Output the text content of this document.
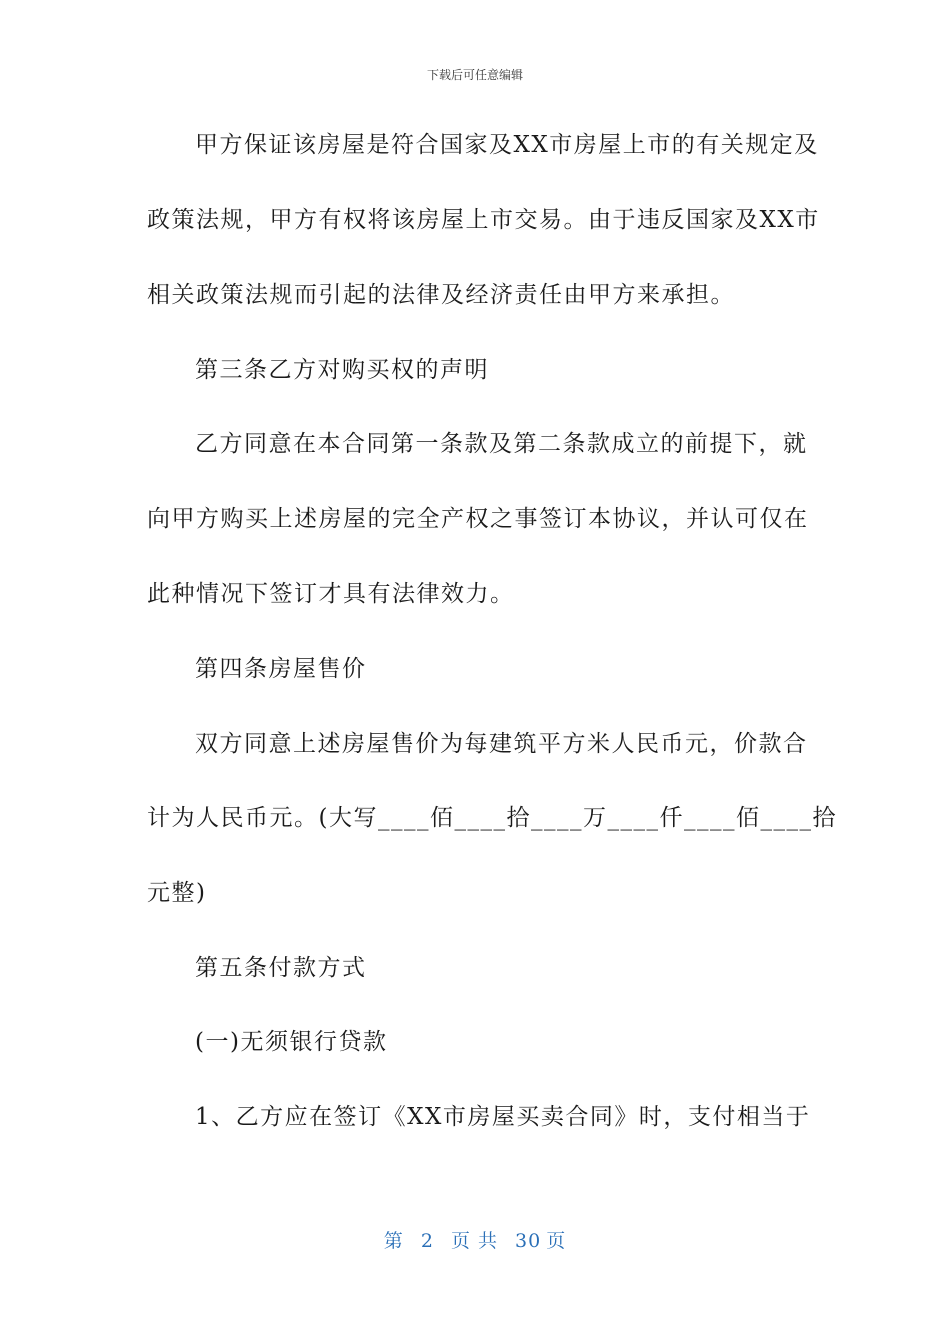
下载后可任意编辑
甲方保证该房屋是符合国家及XX市房屋上市的有关规定及
政策法规，甲方有权将该房屋上市交易。由于违反国家及XX市
相关政策法规而引起的法律及经济责任由甲方来承担。
第三条乙方对购买权的声明
乙方同意在本合同第一条款及第二条款成立的前提下，就
向甲方购买上述房屋的完全产权之事签订本协议，并认可仅在
此种情况下签订才具有法律效力。
第四条房屋售价
双方同意上述房屋售价为每建筑平方米人民币元，价款合
计为人民币元。(大写____佰____拾____万____仟____佰____拾
元整)
第五条付款方式
(一)无须银行贷款
1、乙方应在签订《XX市房屋买卖合同》时，支付相当于
第 2 页 共 30 页
